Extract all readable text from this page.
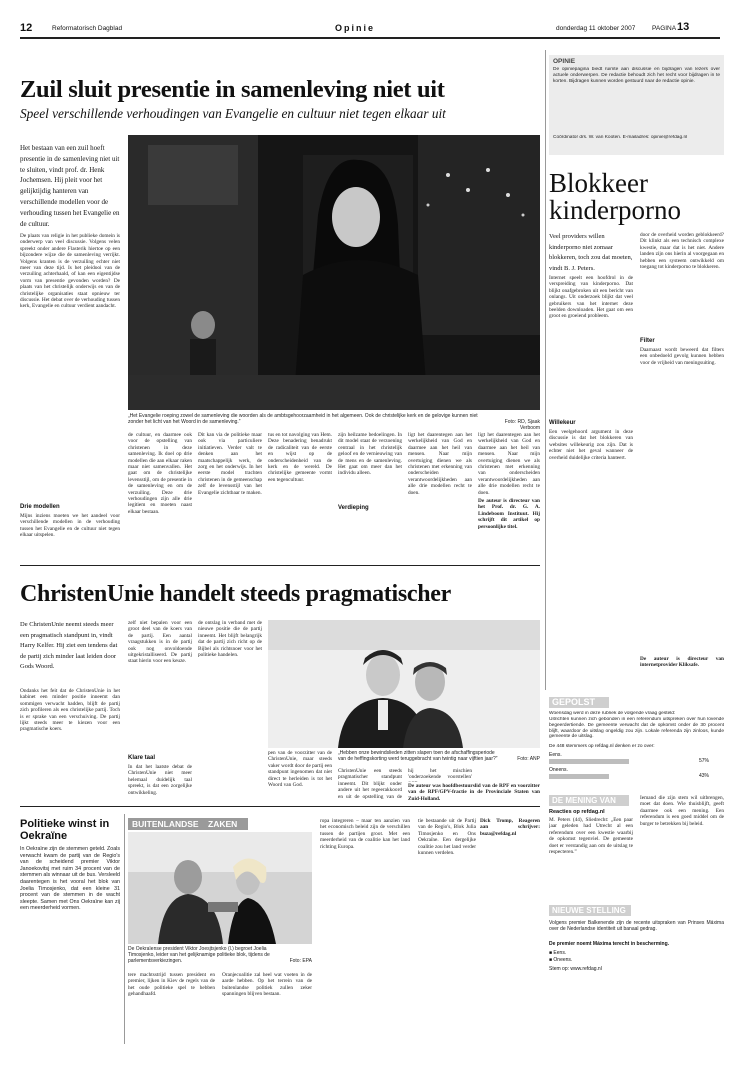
12	Reformatorisch Dagblad	Opinie	donderdag 11 oktober 2007	PAGINA 13
Zuil sluit presentie in samenleving niet uit
Speel verschillende verhoudingen van Evangelie en cultuur niet tegen elkaar uit
Het bestaan van een zuil hoeft presentie in de samenleving niet uit te sluiten, vindt prof. dr. Henk Jochemsen. Hij pleit voor het gelijktijdig hanteren van verschillende modellen voor de verhouding tussen het Evangelie en de cultuur.
„Het Evangelie roeping zowel de samenleving die woorden als de ambtsgehoorzaamheid in het algemeen. Ook de christelijke kerk en de gelovige kunnen niet zonder het licht van het Woord in de samenleving.”	Foto: RD, Sjaak Verboom
De plaats van religie in het publieke domein is onderwerp van veel discussie. Volgens velen spreekt onder andere Flasterik hiertoe op een bijzondere wijze die de samenleving verrijkt. Volgens kranten is de verzuiling echter niet meer van deze tijd. Is het pleidooi van de verzuiling achterhaald, of kan een eigentijdse vorm van presentie gevonden worden? De plaats van het christelijk onderwijs en van de christelijke organisaties staat opnieuw ter discussie. Het debat over de verhouding tussen kerk, Evangelie en cultuur verdient aandacht.
Drie modellen
Mijns inziens moeten we het aandeel voor verschillende modellen in de verhouding tussen het Evangelie en de cultuur niet tegen elkaar uitspelen.
de cultuur, en daarmee ook voor de opstelling van christenen in deze samenleving. Ik doel op drie modellen die aan elkaar raken maar niet samenvallen. Het gaat om de christelijke levensstijl, om de presentie in de samenleving en om de verzuiling. Deze drie verhoudingen zijn alle drie legitiem en moeten naast elkaar bestaan.
Dit kan via de politieke maar ook via particuliere initiatieven. Verder valt te denken aan het maatschappelijk werk, de zorg en het onderwijs. In het eerste model trachten christenen in de gemeenschap zelf de levensstijl van het Evangelie zichtbaar te maken.
tus en tot navolging van Hem. Deze benadering benadrukt de radicaliteit van de eerste en wijst op de onderscheidenheid van de kerk en de wereld. De christelijke gemeente vormt een tegencultuur.
Verdieping
zijn heilzame bedoelingen. In dit model staat de verzoening centraal in het christelijk geloof en de vernieuwing van de mens en de samenleving. Het gaat om meer dan het individu alleen.
ligt het daarentegen aan het werkelijkheid van God en daarmee aan het heil van mensen. Naar mijn overtuiging dienen we als christenen met erkenning van onderscheiden verantwoordelijkheden aan alle drie modellen recht te doen.
De auteur is directeur van het Prof. dr. G. A. Lindeboom Instituut. Hij schrijft dit artikel op persoonlijke titel.
ligt het daarentegen aan het werkelijkheid van God en daarmee aan het heil van mensen. Naar mijn overtuiging dienen we als christenen met erkenning van onderscheiden verantwoordelijkheden aan alle drie modellen recht te doen.
OPINIE
De opiniepagina biedt ruimte aan discussie en bijdragen van lezers over actuele onderwerpen. De redactie behoudt zich het recht voor bijdragen in te korten. Bijdragen kunnen worden gestuurd naar de redactie opinie.
Coördinator drs. W. van Kooten. E-mailadres: opinie@refdag.nl
Blokkeer kinderporno
Veel providers willen kinderporno niet zomaar blokkeren, toch zou dat moeten, vindt B. J. Peters.
Internet speelt een hoofdrol in de verspreiding van kinderporno. Dat blijkt onafgebroken uit een bericht van onlangs. Uit onderzoek blijkt dat veel gebruikers van het internet deze beelden downloaden. Het gaat om een groot en groeiend probleem.
Willekeur
Een veelgehoord argument in deze discussie is dat het blokkeren van websites willekeurig zou zijn. Dat is echter niet het geval wanneer de overheid duidelijke criteria hanteert.
door de overheid worden geblokkeerd? Dit klinkt als een technisch complexe kwestie, maar dat is het niet. Andere landen zijn ons hierin al voorgegaan en hebben een systeem ontwikkeld om toegang tot kinderporno te blokkeren.
Filter
Daarnaast wordt beweerd dat filters een onbedoeld gevolg kunnen hebben voor de vrijheid van meningsuiting.
De auteur is directeur van internetprovider Kliksafe.
ChristenUnie handelt steeds pragmatischer
De ChristenUnie neemt steeds meer een pragmatisch standpunt in, vindt Harry Kelfer. Hij ziet een tendens dat de partij zich minder laat leiden door Gods Woord.
Ondanks het feit dat de ChristenUnie in het kabinet een minder positie inneemt dan sommigen verwacht hadden, blijft de partij zich profileren als een christelijke partij. Toch is er sprake van een verschuiving. De partij lijkt steeds meer te kiezen voor een pragmatische koers.
zelf niet bepalen voor een groot deel van de koers van de partij. Een aantal vraagstukken is in de partij ook nog onvoldoende uitgekristalliseerd. De partij staat hierin voor een keuze.
Klare taal
In dat het laatste debat de ChristenUnie niet meer helemaal duidelijk taal spreekt, is dat een zorgelijke ontwikkeling.
de ontslag in verband met de nieuwe positie die de partij inneemt. Het blijft belangrijk dat de partij zich richt op de Bijbel als richtsnoer voor het politieke handelen.
„Hebben onze bewindslieden zitten slapen toen de afschaffingsperiode van de heffingskorting werd teruggebracht van twintig naar vijftien jaar?”	Foto: ANP
pen van de voorzitter van de ChristenUnie, maar steeds vaker wordt door de partij een standpunt ingenomen dat niet direct te herleiden is tot het Woord van God.
ChristenUnie een steeds pragmatischer standpunt inneemt. Dit blijkt onder andere uit het regeerakkoord en uit de opstelling van de
hij het mischien 'onderzoekende voorstellen'
De auteur was hoofdbestuurslid van de RPF en voorzitter van de RPF/GPV-fractie in de Provinciale Staten van Zuid-Holland.
GEPOLST
Woensdag werd in deze rubriek de volgende vraag gesteld:
Uitrichten kunnen zich gebonden in een referendum uitspreken over hun lovende begeerdertiende. De gemeente verwacht dat de opkomst onder de 30 procent blijft, waardoor de uitslag ongeldig zou zijn. Lokale referenda zijn zinloos, kunde gemeente de uitslag.
De 448 stemmers op refdag.nl denken er zo over:
Eens.
57%
Oneens.
43%
DE MENING VAN
Reacties op refdag.nl
M. Peters (44), Sliedrecht: „Een paar jaar geleden had Utrecht al een referendum over een kwestie waarbij de opkomst tegenviel. De gemeente doet er verstandig aan om de uitslag te respecteren.”
Iemand die zijn stem wil uitbrengen, moet dat doen. Wie thuisblijft, geeft daarmee ook een mening. Een referendum is een goed middel om de burger te betrekken bij beleid.
NIEUWE STELLING
Volgens premier Balkenende zijn de recente uitspraken van Prinses Máxima over de Nederlandse identiteit uit banaal gedrag.
De premier noemt Máxima terecht in bescherming.
■ Eens.
■ Oneens.
Stem op: www.refdag.nl
Politieke winst in Oekraïne
In Oekraïne zijn de stemmen geteld. Zoals verwacht kwam de partij van de Regio's van de scheidend premier Viktor Janoekovitsj met ruim 34 procent van de stemmen als winnaar uit de bus. Versleeld daarentegen is het vooral het blok van Joelia Timosjenko, dat een kleine 31 procent van de stemmen in de wacht sleepte. Samen met Ons Oekraïne kan zij een meerderheid vormen.
BUITENLANDSE ZAKEN
De Oekraïense president Viktor Joesjtsjenko (l.) begroet Joelia Timosjenko, leider van het gelijknamige politieke blok, tijdens de parlementsverkiezingen.	Foto: EPA
tere machtsstrijd tussen president en premier, lijken in Kiev de regels van de het oude politieke spel te hebben gehandhaafd.
Oranjecoalitie zal heel wat voeten in de aarde hebben. Op het terrein van de buitenlandse politiek zullen zeker spanningen blijven bestaan.
ropa integreren – maar ten aanzien van het economisch beleid zijn de verschillen tussen de partijen groot. Met een meerderheid van de coalitie kan het land richting Europa.
tie bestaande uit de Partij van de Regio's, Blok Julia Timosjenko en Ons Oekraïne. Een dergelijke coalitie zou het land verder kunnen verdelen.
Dick Tromp, Reageren aan schrijver: buza@refdag.nl
